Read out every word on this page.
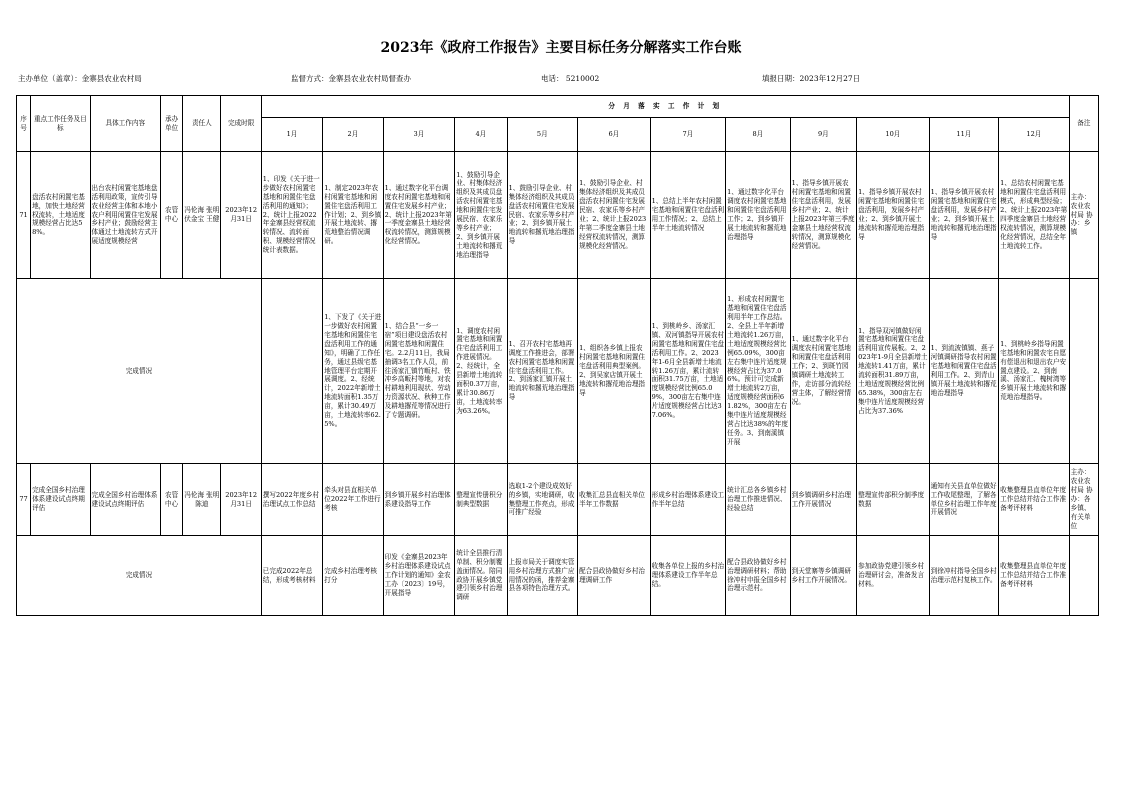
2023年《政府工作报告》主要目标任务分解落实工作台账
主办单位（盖章）：金寨县农业农村局	监督方式：金寨县农业农村局督查办	电话： 5210002	填报日期：2023年12月27日
序号	重点工作任务及目标	具体工作内容	承办单位	责任人	完成时限	分 月 落 实 工 作 计 划												备注
						1月	2月	3月	4月	5月	6月	7月	8月	9月	10月	11月	12月	
71	盘活农村闲置宅基地，加快土地经营权流转，土地适度规模经营占比达58%。	出台农村闲置宅基地盘活利用政策，宣传引导农业经营主体和本地小农户利用闲置住宅发展乡村产业；鼓励经营主体通过土地流转方式开展适度规模经营	农管中心	冯伦海 张明 伏金宝 王健	2023年12月31日	1、印发《关于进一步做好农村闲置宅基地和闲置住宅盘活利用的通知》；2、统计上报2022年金寨县经营权流转情况、流转面积、规模经营情况统计表数据。	1、制定2023年农村闲置宅基地和闲置住宅盘活利用工作计划；2、到乡镇开展土地流转、撂荒地整治情况调研。	1、通过数字化平台调度农村闲置宅基地和闲置住宅发展乡村产业；2、统计上报2023年第一季度金寨县土地经营权流转情况，测算规模化经营情况。	1、鼓励引导企业、村集体经济组织及其成员盘活农村闲置宅基地和闲置住宅发展民宿、农家乐等乡村产业；2、到乡镇开展土地流转和撂荒地治理指导	1、鼓励引导企业、村集体经济组织及其成员盘活农村闲置住宅发展民宿、农家乐等乡村产业；2、到乡镇开展土地流转和撂荒地治理指导	1、鼓励引导企业、村集体经济组织及其成员盘活农村闲置住宅发展民宿、农家乐等乡村产业；2、统计上报2023年第二季度金寨县土地经营权流转情况，测算规模化经营情况。	1、总结上半年农村闲置宅基地和闲置住宅盘活利用工作情况；2、总结上半年土地流转情况	1、通过数字化平台调度农村闲置宅基地和闲置住宅盘活利用工作；2、到乡镇开展土地流转和撂荒地治理指导	1、指导乡镇开展农村闲置宅基地和闲置住宅盘活利用，发展乡村产业；2、统计上报2023年第三季度金寨县土地经营权流转情况，测算规模化经营情况。	1、指导乡镇开展农村闲置宅基地和闲置住宅盘活利用，发展乡村产业；2、到乡镇开展土地流转和撂荒地治理指导	1、指导乡镇开展农村闲置宅基地和闲置住宅盘活利用，发展乡村产业；2、到乡镇开展土地流转和撂荒地治理指导	1、总结农村闲置宅基地和闲置住宅盘活利用模式，形成典型经验；2、统计上报2023年第四季度金寨县土地经营权流转情况，测算规模化经营情况，总结全年土地流转工作。	主办：农业农村局 协办：乡镇
完成情况							1、下发了《关于进一步做好农村闲置宅基地和闲置住宅盘活利用工作的通知》，明确了工作任务，通过县级宅基地管理平台定期开展调度。2、经统计，2022年新增土地流转面积1.35万亩，累计30.49万亩，土地流转率62.5%。	1、结合县“一乡一宿”项目建设盘活农村闲置宅基地和闲置住宅。2.2月11日，我局抽调3名工作人员，前往汤家汇镇竹畈村、铁冲乡高畈村等地，对农村耕地利用现状、劳动力资源状况、秋种工作及耕地撂荒等情况进行了专题调研。	1、调度农村闲置宅基地和闲置住宅盘活利用工作进展情况。2、经统计，全县新增土地流转面积0.37万亩，累计30.86万亩，土地流转率为63.26%。	1、召开农村宅基地再调度工作推进会，部署农村闲置宅基地和闲置住宅盘活利用工作。2、到汤家汇镇开展土地流转和撂荒地治理指导	1、组织各乡镇上报农村闲置宅基地和闲置住宅盘活利用典型案例。2、到吴家店镇开展土地流转和撂荒地治理指导	1、到桃岭乡、汤家汇镇、双河镇指导开展农村闲置宅基地和闲置住宅盘活利用工作。2、2023年1-6月全县新增土地流转1.26万亩，累计流转面积31.75万亩，土地适度规模经营比例65.09%，300亩左右集中连片适度规模经营占比达37.06%。	1、形成农村闲置宅基地和闲置住宅盘活利用半年工作总结。2、全县上半年新增土地流转1.26万亩，土地适度规模经营比例65.09%，300亩左右集中连片适度规模经营占比为37.06%。预计可完成新增土地流转2万亩，适度规模经营面积61.82%，300亩左右集中连片适度规模经营占比达38%的年度任务。3、到南溪镇开展	1、通过数字化平台调度农村闲置宅基地和闲置住宅盘活利用工作；2、到斑竹园镇调研土地流转工作，走访部分流转经营主体，了解经营情况。	1、指导双河镇做好闲置宅基地和闲置住宅盘活利用宣传展板。2、2023年1-9月全县新增土地流转1.41万亩，累计流转面积31.89万亩，土地适度规模经营比例65.38%，300亩左右集中连片适度规模经营占比为37.36%	1、到流波镇镇、燕子河镇调研指导农村闲置宅基地和闲置住宅盘活利用工作。2、到青山镇开展土地流转和撂荒地治理指导	1、到桃岭乡指导闲置宅基地和闲置农宅自愿有偿退出和退出农户安置点建设。2、到南溪、汤家汇、槐树湾等乡镇开展土地流转和撂荒地治理指导。	

77	完成全国乡村治理体系建设试点终期评估	完成全国乡村治理体系建设试点终期评估	农管中心	冯伦海 张明 陈迪	2023年12月31日	撰写2022年度乡村治理试点工作总结	牵头对县直相关单位2022年工作进行考核	到乡镇开展乡村治理体系建设指导工作	整理宣传册积分制典型数据	选取1-2个建设成效好的乡镇，实地调研，收集整理工作亮点，形成可推广经验	收集汇总县直相关单位半年工作数据	形成乡村治理体系建设工作半年总结	统计汇总各乡镇乡村治理工作推进情况、经验总结	到乡镇调研乡村治理工作开展情况	整理宣传部积分制季度数据	通知有关县直单位做好工作收尾整理，了解各单位乡村治理工作年度开展情况	收集整理县直单位年度工作总结并结合工作准备考评材料	主办：农业农村局 协办：各乡镇、有关单位
完成情况						已完成2022年总结，形成考核材料	完成乡村治理考核打分	印发《金寨县2023年乡村治理体系建设试点工作计划的通知》金农工办〔2023〕19号，开展指导	统计全县推行清单制、积分制覆盖面情况。陪同政协开展乡镇党建引领乡村治理调研	上报市局关于调度实管用乡村治理方式推广应用情况的函，推荐金寨县各项特色治理方式。	配合县政协做好乡村治理调研工作	收集各单位上报的乡村治理体系建设工作半年总结。	配合县政协做好乡村治理调研材料；帮助徐冲村申报全国乡村治理示范村。	到天堂寨等乡镇调研乡村工作开展情况。	参加政协党建引领乡村治理研讨会，准备发言材料。	到徐冲村指导全国乡村治理示范村复核工作。	收集整理县直单位年度工作总结并结合工作准备考评材料	
